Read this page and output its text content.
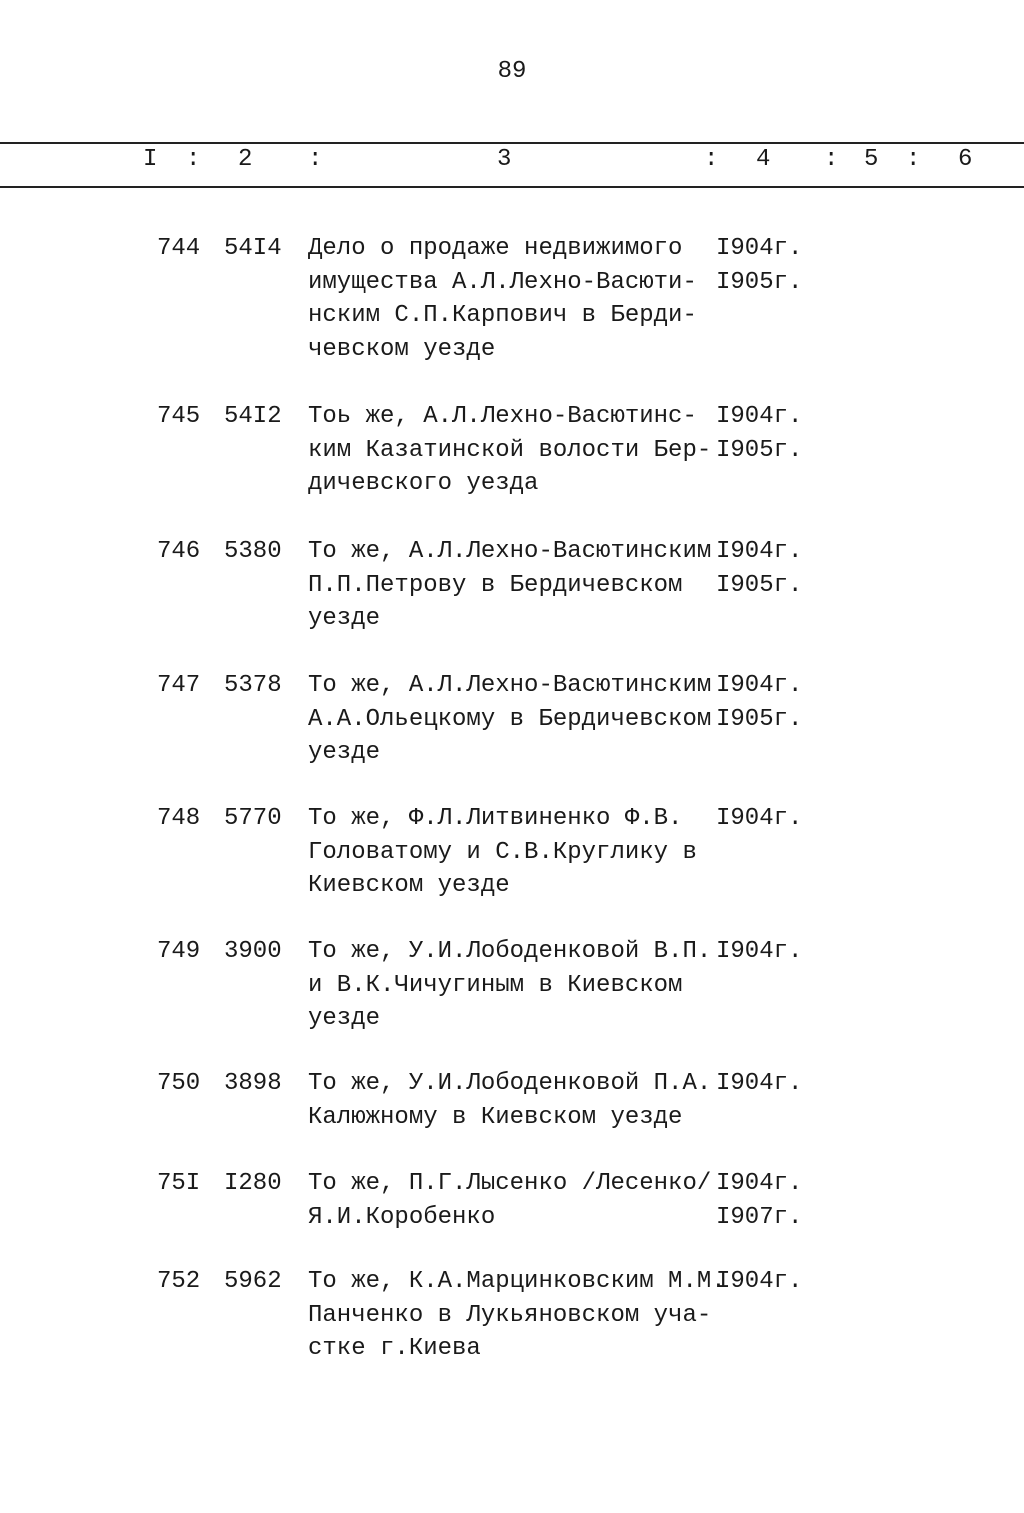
89
I : 2 :	3	: 4 : 5 : 6
744 54I4 Дело о продаже недвижимого
имущества А.Л.Лехно-Васюти-
нским С.П.Карпович в Берди-
чевском уезде
I904г.
I905г.
745 54I2 Тоь же, А.Л.Лехно-Васютинс-
ким Казатинской волости Бер-
дичевского уезда
I904г.
I905г.
746 5380 То же, А.Л.Лехно-Васютинским
П.П.Петрову в Бердичевском
уезде
I904г.
I905г.
747 5378 То же, А.Л.Лехно-Васютинским
А.А.Ольецкому в Бердичевском
уезде
I904г.
I905г.
748 5770 То же, Ф.Л.Литвиненко Ф.В.
Головатому и С.В.Круглику в
Киевском уезде
I904г.
749 3900 То же, У.И.Лободенковой В.П.
и В.К.Чичугиным в Киевском
уезде
I904г.
750 3898 То же, У.И.Лободенковой П.А.
Калюжному в Киевском уезде
I904г.
75I I280 То же, П.Г.Лысенко /Лесенко/
Я.И.Коробенко
I904г.
I907г.
752 5962 То же, К.А.Марцинковским М.М.
Панченко в Лукьяновском уча-
стке г.Киева
I904г.
